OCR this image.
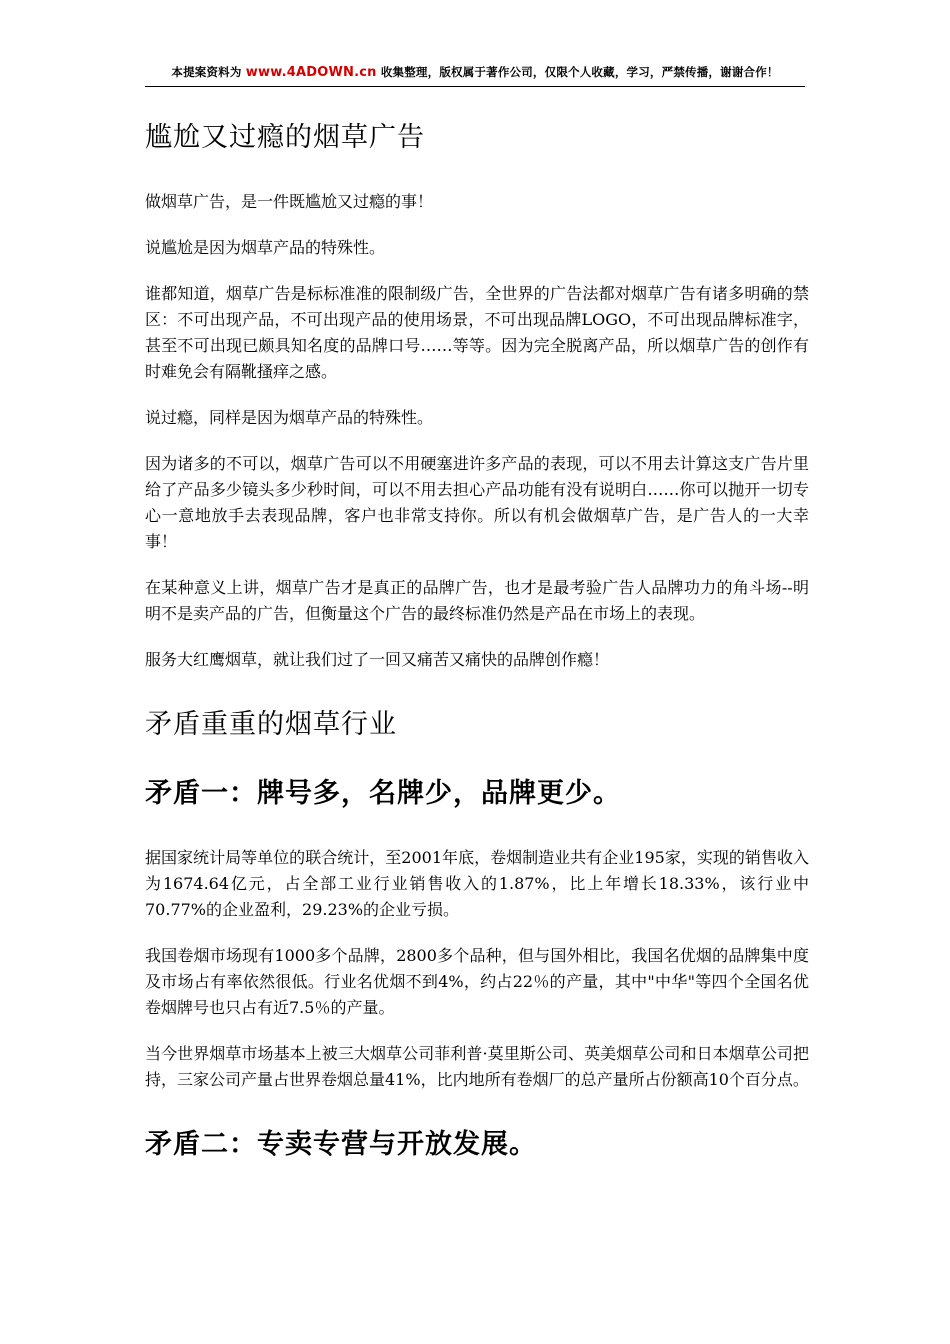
本提案资料为 www.4ADOWN.cn 收集整理，版权属于著作公司，仅限个人收藏，学习，严禁传播，谢谢合作！
尴尬又过瘾的烟草广告

做烟草广告，是一件既尴尬又过瘾的事！

说尴尬是因为烟草产品的特殊性。

谁都知道，烟草广告是标标准准的限制级广告，全世界的广告法都对烟草广告有诸多明确的禁区：不可出现产品，不可出现产品的使用场景，不可出现品牌LOGO，不可出现品牌标准字，甚至不可出现已颇具知名度的品牌口号……等等。因为完全脱离产品，所以烟草广告的创作有时难免会有隔靴搔痒之感。

说过瘾，同样是因为烟草产品的特殊性。

因为诸多的不可以，烟草广告可以不用硬塞进许多产品的表现，可以不用去计算这支广告片里给了产品多少镜头多少秒时间，可以不用去担心产品功能有没有说明白……你可以抛开一切专心一意地放手去表现品牌，客户也非常支持你。所以有机会做烟草广告，是广告人的一大幸事！

在某种意义上讲，烟草广告才是真正的品牌广告，也才是最考验广告人品牌功力的角斗场--明明不是卖产品的广告，但衡量这个广告的最终标准仍然是产品在市场上的表现。

服务大红鹰烟草，就让我们过了一回又痛苦又痛快的品牌创作瘾！

矛盾重重的烟草行业
矛盾一：牌号多，名牌少，品牌更少。

据国家统计局等单位的联合统计，至2001年底，卷烟制造业共有企业195家，实现的销售收入为1674.64亿元，占全部工业行业销售收入的1.87%，比上年增长18.33%，该行业中70.77%的企业盈利，29.23%的企业亏损。

我国卷烟市场现有1000多个品牌，2800多个品种，但与国外相比，我国名优烟的品牌集中度及市场占有率依然很低。行业名优烟不到4%，约占22％的产量，其中"中华"等四个全国名优卷烟牌号也只占有近7.5％的产量。

当今世界烟草市场基本上被三大烟草公司菲利普·莫里斯公司、英美烟草公司和日本烟草公司把持，三家公司产量占世界卷烟总量41%，比内地所有卷烟厂的总产量所占份额高10个百分点。

矛盾二：专卖专营与开放发展。
